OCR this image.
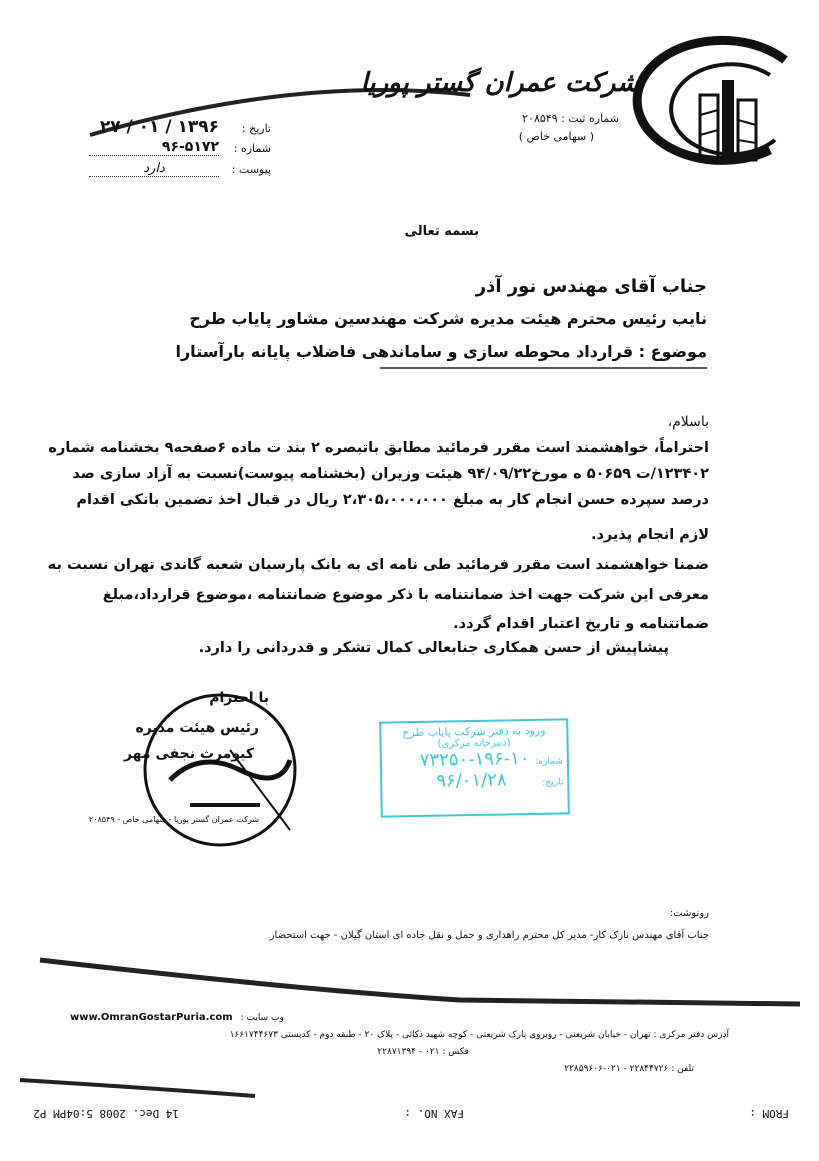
شرکت عمران گستر پوریا
شماره ثبت : ۲۰۸۵۴۹
( سهامی خاص )
تاریخ :
۱۳۹۶ / ۰۱ / ۲۷
شماره :
۹۶-۵۱۷۲
پیوست :
دارد
بسمه تعالی
جناب آقای مهندس نور آذر
نایب رئیس محترم هیئت مدیره شرکت مهندسین مشاور پایاب طرح
موضوع : قرارداد محوطه سازی و ساماندهی فاضلاب پایانه بارآستارا
باسلام،
احتراماً، خواهشمند است مقرر فرمائید مطابق باتبصره ۲ بند ت ماده ۶صفحه۹ بخشنامه شماره
۱۲۳۴۰۲/ت ۵۰۶۵۹ ه مورخ۹۴/۰۹/۲۲ هیئت وزیران (بخشنامه پیوست)نسبت به آزاد سازی صد
درصد سپرده حسن انجام کار به مبلغ ۲،۳۰۵،۰۰۰،۰۰۰ ریال در قبال اخذ تضمین بانکی اقدام
لازم انجام پذیرد.
ضمنا خواهشمند است مقرر فرمائید طی نامه ای به بانک پارسیان شعبه گاندی تهران نسبت به
معرفی این شرکت جهت اخذ ضمانتنامه با ذکر موضوع ضمانتنامه ،موضوع قرارداد،مبلغ
ضمانتنامه و تاریخ اعتبار اقدام گردد.
پیشاپیش از حسن همکاری جنابعالی کمال تشکر و قدردانی را دارد.
با احترام
رئیس هیئت مدیره
کیومرث نجفی مهر
شرکت عمران گستر پوریا - سهامی خاص - ۲۰۸۵۴۹
ورود به دفتر شرکت پایاب طرح
(دبیرخانه مرکزی)
شماره: ۱۰-۱۹۶-۷۳۲۵۰
تاریخ: ۹۶/۰۱/۲۸
رونوشت:
جناب آقای مهندس نازک کار- مدیر کل محترم راهداری و حمل و نقل جاده ای استان گیلان - جهت استحضار
www.OmranGostarPuria.com وب سایت :
آدرس دفتر مرکزی : تهران - خیابان شریعتی - روبروی پارک شریعتی - کوچه شهید ذکائی - پلاک ۲۰ - طبقه دوم - کدپستی ۱۶۶۱۷۴۴۶۷۳
فکس : ۰۲۱ - ۲۲۸۷۱۳۹۴
تلفن : ۲۲۸۴۴۷۲۶ - ۰۲۱-۲۲۸۵۹۶۰۶
FROM :
FAX NO. :
14 Dec. 2008 5:04PM P2
